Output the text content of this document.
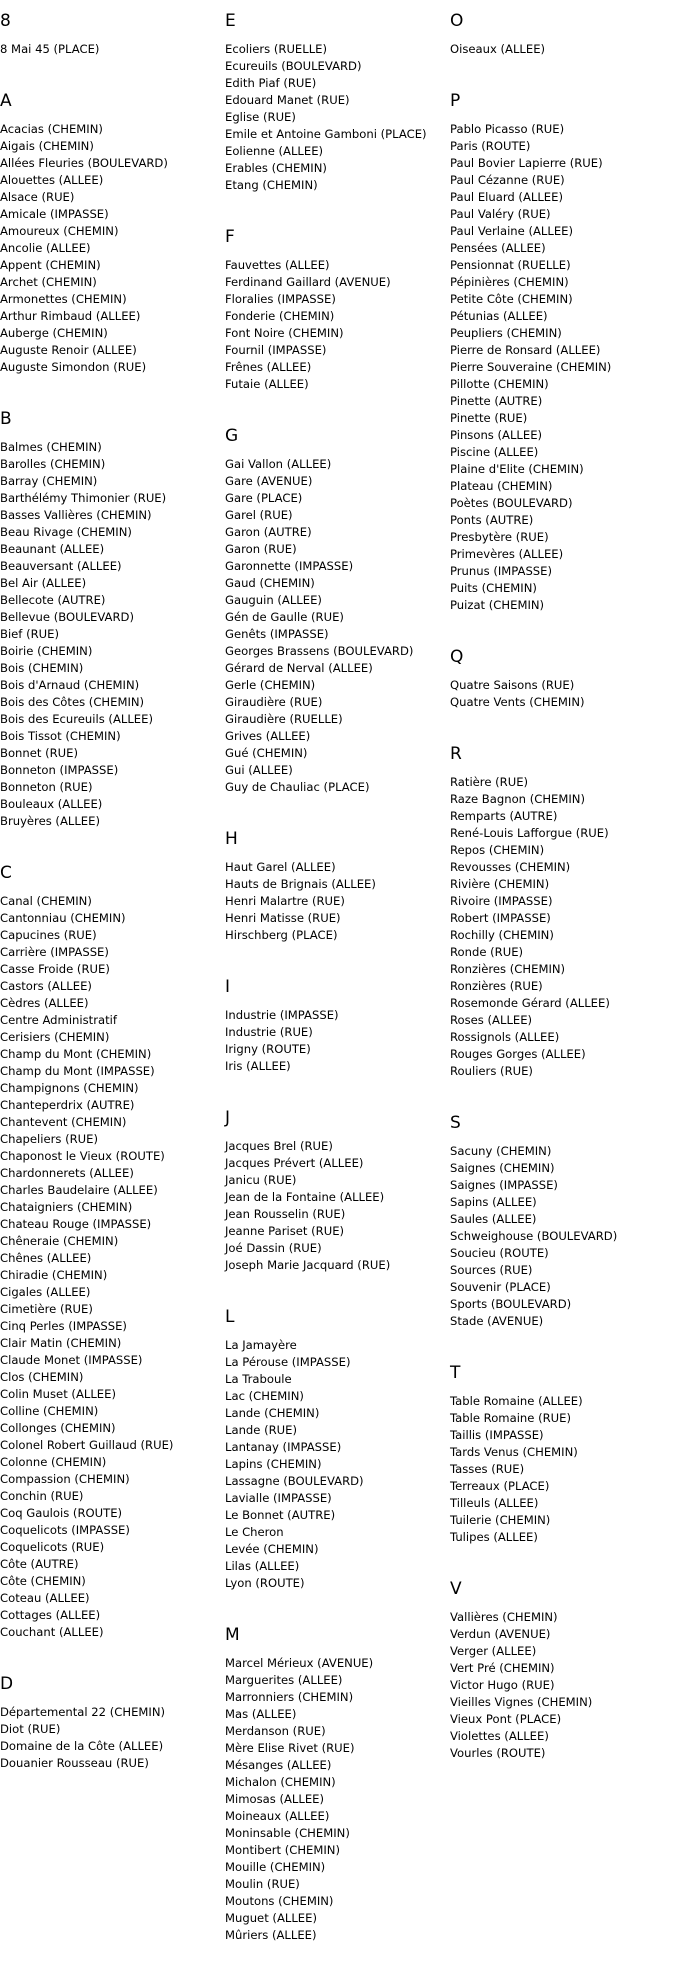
8
8 Mai 45 (PLACE)
A
Acacias (CHEMIN)
Aigais (CHEMIN)
Allées Fleuries (BOULEVARD)
Alouettes (ALLEE)
Alsace (RUE)
Amicale (IMPASSE)
Amoureux (CHEMIN)
Ancolie (ALLEE)
Appent (CHEMIN)
Archet (CHEMIN)
Armonettes (CHEMIN)
Arthur Rimbaud (ALLEE)
Auberge (CHEMIN)
Auguste Renoir (ALLEE)
Auguste Simondon (RUE)
B
Balmes (CHEMIN)
Barolles (CHEMIN)
Barray (CHEMIN)
Barthélémy Thimonier (RUE)
Basses Vallières (CHEMIN)
Beau Rivage (CHEMIN)
Beaunant (ALLEE)
Beauversant (ALLEE)
Bel Air (ALLEE)
Bellecote (AUTRE)
Bellevue (BOULEVARD)
Bief (RUE)
Boirie (CHEMIN)
Bois (CHEMIN)
Bois d'Arnaud (CHEMIN)
Bois des Côtes (CHEMIN)
Bois des Ecureuils (ALLEE)
Bois Tissot (CHEMIN)
Bonnet (RUE)
Bonneton (IMPASSE)
Bonneton (RUE)
Bouleaux (ALLEE)
Bruyères (ALLEE)
C
Canal (CHEMIN)
Cantonniau (CHEMIN)
Capucines (RUE)
Carrière (IMPASSE)
Casse Froide (RUE)
Castors (ALLEE)
Cèdres (ALLEE)
Centre Administratif
Cerisiers (CHEMIN)
Champ du Mont (CHEMIN)
Champ du Mont (IMPASSE)
Champignons (CHEMIN)
Chanteperdrix (AUTRE)
Chantevent (CHEMIN)
Chapeliers (RUE)
Chaponost le Vieux (ROUTE)
Chardonnerets (ALLEE)
Charles Baudelaire (ALLEE)
Chataigniers (CHEMIN)
Chateau Rouge (IMPASSE)
Chêneraie (CHEMIN)
Chênes (ALLEE)
Chiradie (CHEMIN)
Cigales (ALLEE)
Cimetière (RUE)
Cinq Perles (IMPASSE)
Clair Matin (CHEMIN)
Claude Monet (IMPASSE)
Clos (CHEMIN)
Colin Muset (ALLEE)
Colline (CHEMIN)
Collonges (CHEMIN)
Colonel Robert Guillaud (RUE)
Colonne (CHEMIN)
Compassion (CHEMIN)
Conchin (RUE)
Coq Gaulois (ROUTE)
Coquelicots (IMPASSE)
Coquelicots (RUE)
Côte (AUTRE)
Côte (CHEMIN)
Coteau (ALLEE)
Cottages (ALLEE)
Couchant (ALLEE)
D
Départemental 22 (CHEMIN)
Diot (RUE)
Domaine de la Côte (ALLEE)
Douanier Rousseau (RUE)
E
Ecoliers (RUELLE)
Ecureuils (BOULEVARD)
Edith Piaf (RUE)
Edouard Manet (RUE)
Eglise (RUE)
Emile et Antoine Gamboni (PLACE)
Eolienne (ALLEE)
Erables (CHEMIN)
Etang (CHEMIN)
F
Fauvettes (ALLEE)
Ferdinand Gaillard (AVENUE)
Floralies (IMPASSE)
Fonderie (CHEMIN)
Font Noire (CHEMIN)
Fournil (IMPASSE)
Frênes (ALLEE)
Futaie (ALLEE)
G
Gai Vallon (ALLEE)
Gare (AVENUE)
Gare (PLACE)
Garel (RUE)
Garon (AUTRE)
Garon (RUE)
Garonnette (IMPASSE)
Gaud (CHEMIN)
Gauguin (ALLEE)
Gén de Gaulle (RUE)
Genêts (IMPASSE)
Georges Brassens (BOULEVARD)
Gérard de Nerval (ALLEE)
Gerle (CHEMIN)
Giraudière (RUE)
Giraudière (RUELLE)
Grives (ALLEE)
Gué (CHEMIN)
Gui (ALLEE)
Guy de Chauliac (PLACE)
H
Haut Garel (ALLEE)
Hauts de Brignais (ALLEE)
Henri Malartre (RUE)
Henri Matisse (RUE)
Hirschberg (PLACE)
I
Industrie (IMPASSE)
Industrie (RUE)
Irigny (ROUTE)
Iris (ALLEE)
J
Jacques Brel (RUE)
Jacques Prévert (ALLEE)
Janicu (RUE)
Jean de la Fontaine (ALLEE)
Jean Rousselin (RUE)
Jeanne Pariset (RUE)
Joé Dassin (RUE)
Joseph Marie Jacquard (RUE)
L
La Jamayère
La Pérouse (IMPASSE)
La Traboule
Lac (CHEMIN)
Lande (CHEMIN)
Lande (RUE)
Lantanay (IMPASSE)
Lapins (CHEMIN)
Lassagne (BOULEVARD)
Lavialle (IMPASSE)
Le Bonnet (AUTRE)
Le Cheron
Levée (CHEMIN)
Lilas (ALLEE)
Lyon (ROUTE)
M
Marcel Mérieux (AVENUE)
Marguerites (ALLEE)
Marronniers (CHEMIN)
Mas (ALLEE)
Merdanson (RUE)
Mère Elise Rivet (RUE)
Mésanges (ALLEE)
Michalon (CHEMIN)
Mimosas (ALLEE)
Moineaux (ALLEE)
Moninsable (CHEMIN)
Montibert (CHEMIN)
Mouille (CHEMIN)
Moulin (RUE)
Moutons (CHEMIN)
Muguet (ALLEE)
Mûriers (ALLEE)
O
Oiseaux (ALLEE)
P
Pablo Picasso (RUE)
Paris (ROUTE)
Paul Bovier Lapierre (RUE)
Paul Cézanne (RUE)
Paul Eluard (ALLEE)
Paul Valéry (RUE)
Paul Verlaine (ALLEE)
Pensées (ALLEE)
Pensionnat (RUELLE)
Pépinières (CHEMIN)
Petite Côte (CHEMIN)
Pétunias (ALLEE)
Peupliers (CHEMIN)
Pierre de Ronsard (ALLEE)
Pierre Souveraine (CHEMIN)
Pillotte (CHEMIN)
Pinette (AUTRE)
Pinette (RUE)
Pinsons (ALLEE)
Piscine (ALLEE)
Plaine d'Elite (CHEMIN)
Plateau (CHEMIN)
Poètes (BOULEVARD)
Ponts (AUTRE)
Presbytère (RUE)
Primevères (ALLEE)
Prunus (IMPASSE)
Puits (CHEMIN)
Puizat (CHEMIN)
Q
Quatre Saisons (RUE)
Quatre Vents (CHEMIN)
R
Ratière (RUE)
Raze Bagnon (CHEMIN)
Remparts (AUTRE)
René-Louis Lafforgue (RUE)
Repos (CHEMIN)
Revousses (CHEMIN)
Rivière (CHEMIN)
Rivoire (IMPASSE)
Robert (IMPASSE)
Rochilly (CHEMIN)
Ronde (RUE)
Ronzières (CHEMIN)
Ronzières (RUE)
Rosemonde Gérard (ALLEE)
Roses (ALLEE)
Rossignols (ALLEE)
Rouges Gorges (ALLEE)
Rouliers (RUE)
S
Sacuny (CHEMIN)
Saignes (CHEMIN)
Saignes (IMPASSE)
Sapins (ALLEE)
Saules (ALLEE)
Schweighouse (BOULEVARD)
Soucieu (ROUTE)
Sources (RUE)
Souvenir (PLACE)
Sports (BOULEVARD)
Stade (AVENUE)
T
Table Romaine (ALLEE)
Table Romaine (RUE)
Taillis (IMPASSE)
Tards Venus (CHEMIN)
Tasses (RUE)
Terreaux (PLACE)
Tilleuls (ALLEE)
Tuilerie (CHEMIN)
Tulipes (ALLEE)
V
Vallières (CHEMIN)
Verdun (AVENUE)
Verger (ALLEE)
Vert Pré (CHEMIN)
Victor Hugo (RUE)
Vieilles Vignes (CHEMIN)
Vieux Pont (PLACE)
Violettes (ALLEE)
Vourles (ROUTE)
